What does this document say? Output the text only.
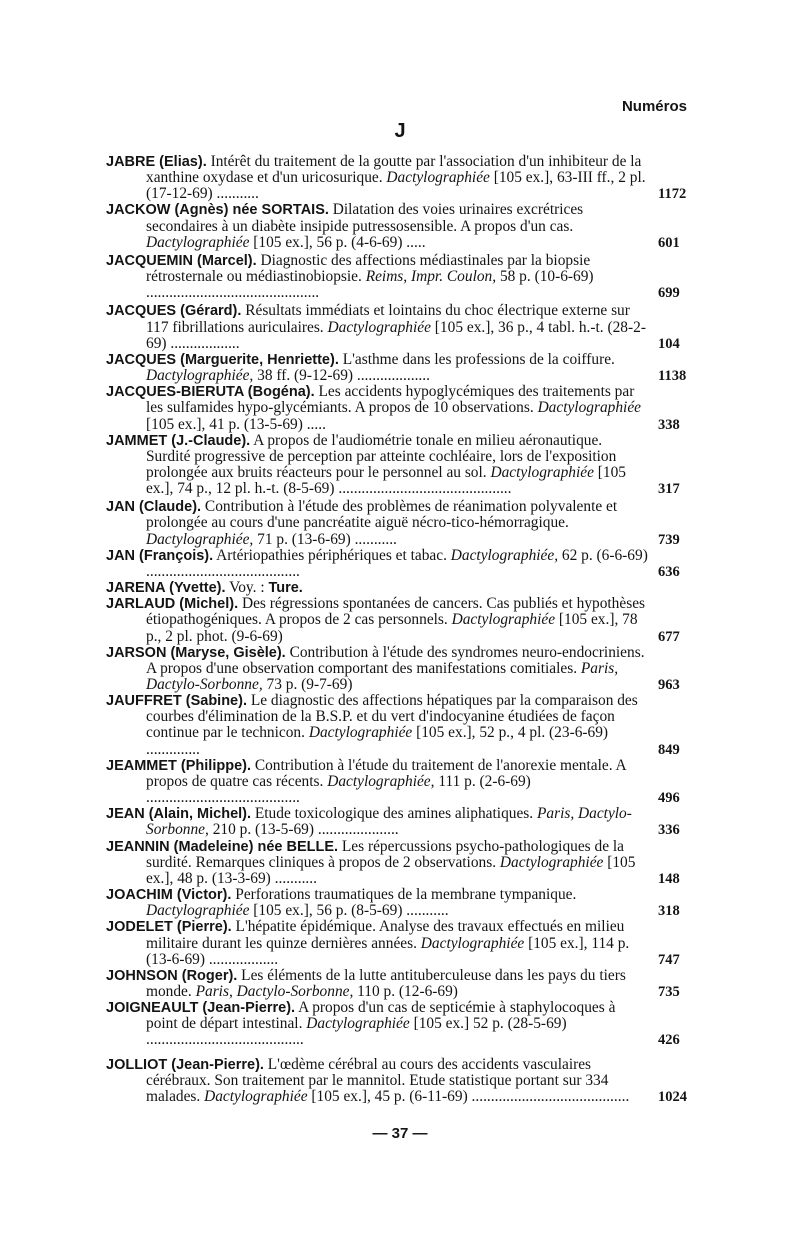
Numéros
J

JABRE (Elias). Intérêt du traitement de la goutte par l'association d'un inhibiteur de la xanthine oxydase et d'un uricosurique. Dactylographiée [105 ex.], 63-III ff., 2 pl. (17-12-69) ...........	1172

JACKOW (Agnès) née SORTAIS. Dilatation des voies urinaires excrétrices secondaires à un diabète insipide putressosensible. A propos d'un cas. Dactylographiée [105 ex.], 56 p. (4-6-69) .....	601

JACQUEMIN (Marcel). Diagnostic des affections médiastinales par la biopsie rétrosternale ou médiastinobiopsie. Reims, Impr. Coulon, 58 p. (10-6-69) .............................................	699

JACQUES (Gérard). Résultats immédiats et lointains du choc électrique externe sur 117 fibrillations auriculaires. Dactylographiée [105 ex.], 36 p., 4 tabl. h.-t. (28-2-69) ..................	104

JACQUES (Marguerite, Henriette). L'asthme dans les professions de la coiffure. Dactylographiée, 38 ff. (9-12-69) ...................	1138

JACQUES-BIERUTA (Bogéna). Les accidents hypoglycémiques des traitements par les sulfamides hypo-glycémiants. A propos de 10 observations. Dactylographiée [105 ex.], 41 p. (13-5-69) .....	338

JAMMET (J.-Claude). A propos de l'audiométrie tonale en milieu aéronautique. Surdité progressive de perception par atteinte cochléaire, lors de l'exposition prolongée aux bruits réacteurs pour le personnel au sol. Dactylographiée [105 ex.], 74 p., 12 pl. h.-t. (8-5-69) .............................................	317

JAN (Claude). Contribution à l'étude des problèmes de réanimation polyvalente et prolongée au cours d'une pancréatite aiguë nécro-tico-hémorragique. Dactylographiée, 71 p. (13-6-69) ...........	739

JAN (François). Artériopathies périphériques et tabac. Dactylographiée, 62 p. (6-6-69) ........................................	636

JARENA (Yvette). Voy. : Ture.

JARLAUD (Michel). Des régressions spontanées de cancers. Cas publiés et hypothèses étiopathogéniques. A propos de 2 cas personnels. Dactylographiée [105 ex.], 78 p., 2 pl. phot. (9-6-69)	677

JARSON (Maryse, Gisèle). Contribution à l'étude des syndromes neuro-endocriniens. A propos d'une observation comportant des manifestations comitiales. Paris, Dactylo-Sorbonne, 73 p. (9-7-69)	963

JAUFFRET (Sabine). Le diagnostic des affections hépatiques par la comparaison des courbes d'élimination de la B.S.P. et du vert d'indocyanine étudiées de façon continue par le technicon. Dactylographiée [105 ex.], 52 p., 4 pl. (23-6-69) ..............	849

JEAMMET (Philippe). Contribution à l'étude du traitement de l'anorexie mentale. A propos de quatre cas récents. Dactylographiée, 111 p. (2-6-69) ........................................	496

JEAN (Alain, Michel). Etude toxicologique des amines aliphatiques. Paris, Dactylo-Sorbonne, 210 p. (13-5-69) .....................	336

JEANNIN (Madeleine) née BELLE. Les répercussions psycho-pathologiques de la surdité. Remarques cliniques à propos de 2 observations. Dactylographiée [105 ex.], 48 p. (13-3-69) ...........	148

JOACHIM (Victor). Perforations traumatiques de la membrane tympanique. Dactylographiée [105 ex.], 56 p. (8-5-69) ...........	318

JODELET (Pierre). L'hépatite épidémique. Analyse des travaux effectués en milieu militaire durant les quinze dernières années. Dactylographiée [105 ex.], 114 p. (13-6-69) ..................	747

JOHNSON (Roger). Les éléments de la lutte antituberculeuse dans les pays du tiers monde. Paris, Dactylo-Sorbonne, 110 p. (12-6-69)	735

JOIGNEAULT (Jean-Pierre). A propos d'un cas de septicémie à staphylocoques à point de départ intestinal. Dactylographiée [105 ex.] 52 p. (28-5-69) .........................................	426

JOLLIOT (Jean-Pierre). L'œdème cérébral au cours des accidents vasculaires cérébraux. Son traitement par le mannitol. Etude statistique portant sur 334 malades. Dactylographiée [105 ex.], 45 p. (6-11-69) ......................................... 1024

— 37 —
